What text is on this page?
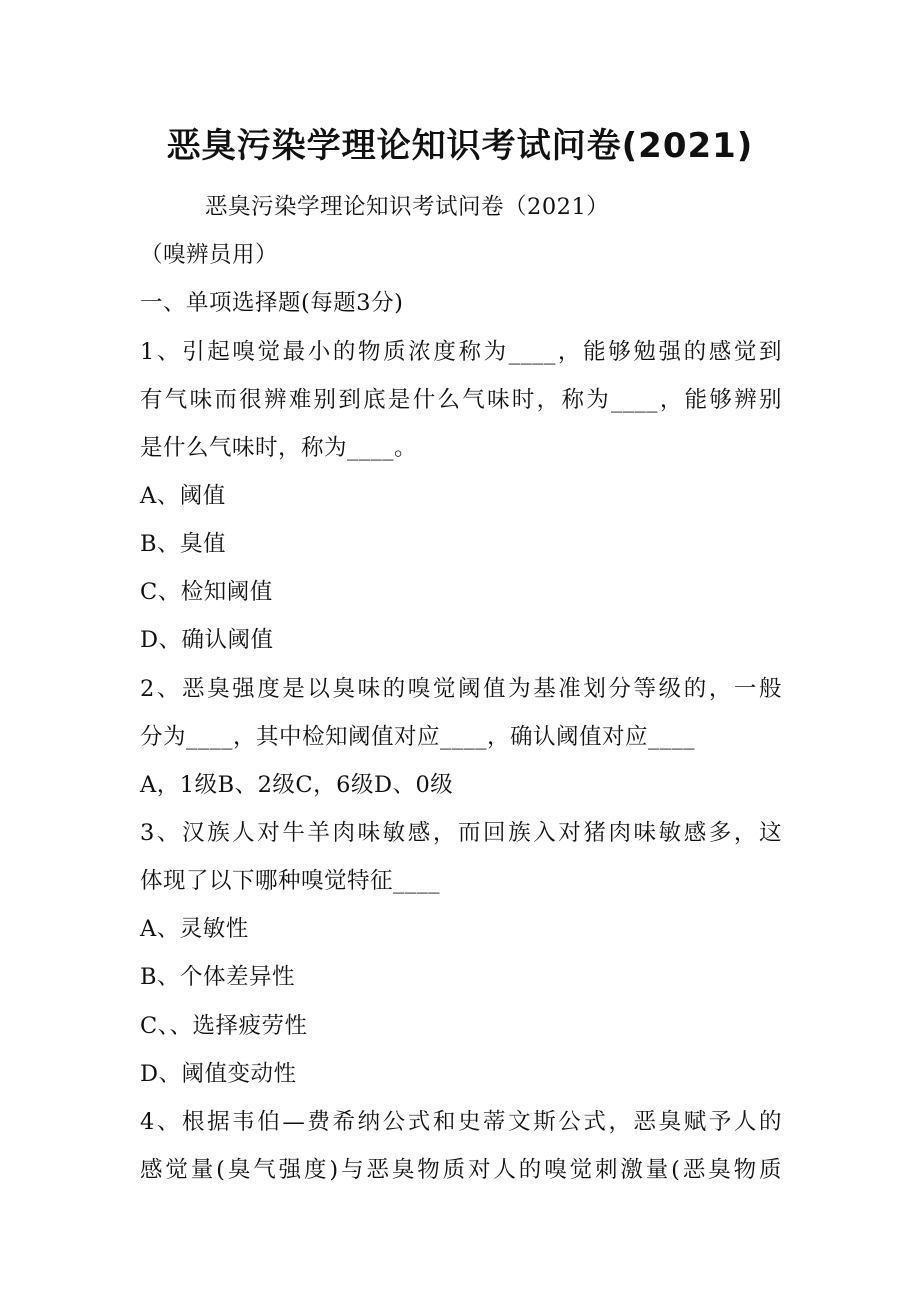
恶臭污染学理论知识考试问卷(2021)

恶臭污染学理论知识考试问卷（2021）

（嗅辨员用）

一、单项选择题(每题3分)

1、引起嗅觉最小的物质浓度称为____，能够勉强的感觉到

有气味而很辨难别到底是什么气味时，称为____，能够辨别

是什么气味时，称为____。

A、阈值

B、臭值

C、检知阈值

D、确认阈值

2、恶臭强度是以臭味的嗅觉阈值为基准划分等级的，一般

分为____，其中检知阈值对应____，确认阈值对应____

A，1级B、2级C，6级D、0级

3、汉族人对牛羊肉味敏感，而回族入对猪肉味敏感多，这

体现了以下哪种嗅觉特征____

A、灵敏性

B、个体差异性

C、、选择疲劳性

D、阈值变动性

4、根据韦伯—费希纳公式和史蒂文斯公式，恶臭赋予人的

感觉量(臭气强度)与恶臭物质对人的嗅觉刺激量(恶臭物质
